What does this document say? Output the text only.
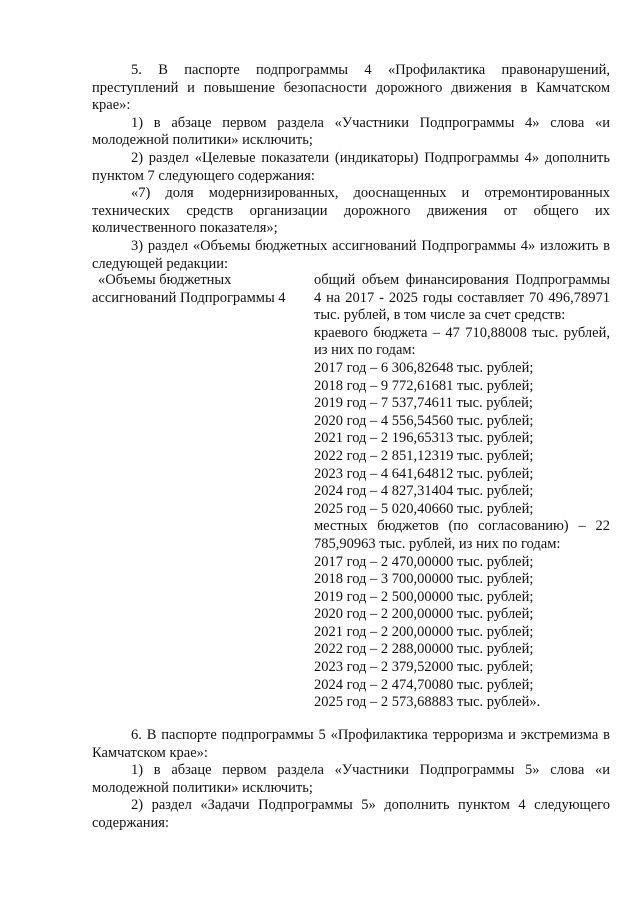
5. В паспорте подпрограммы 4 «Профилактика правонарушений, преступлений и повышение безопасности дорожного движения в Камчатском крае»:

1) в абзаце первом раздела «Участники Подпрограммы 4» слова «и молодежной политики» исключить;

2) раздел «Целевые показатели (индикаторы) Подпрограммы 4» дополнить пунктом 7 следующего содержания:

«7) доля модернизированных, дооснащенных и отремонтированных технических средств организации дорожного движения от общего их количественного показателя»;

3) раздел «Объемы бюджетных ассигнований Подпрограммы 4» изложить в следующей редакции:

«Объемы бюджетных
ассигнований Подпрограммы 4

общий объем финансирования Подпрограммы 4 на 2017 - 2025 годы составляет 70 496,78971 тыс. рублей, в том числе за счет средств:

краевого бюджета – 47 710,88008 тыс. рублей, из них по годам:

2017 год – 6 306,82648 тыс. рублей;

2018 год – 9 772,61681 тыс. рублей;

2019 год – 7 537,74611 тыс. рублей;

2020 год – 4 556,54560 тыс. рублей;

2021 год – 2 196,65313 тыс. рублей;

2022 год – 2 851,12319 тыс. рублей;

2023 год – 4 641,64812 тыс. рублей;

2024 год – 4 827,31404 тыс. рублей;

2025 год – 5 020,40660 тыс. рублей;

местных бюджетов (по согласованию) – 22 785,90963 тыс. рублей, из них по годам:

2017 год – 2 470,00000 тыс. рублей;

2018 год – 3 700,00000 тыс. рублей;

2019 год – 2 500,00000 тыс. рублей;

2020 год – 2 200,00000 тыс. рублей;

2021 год – 2 200,00000 тыс. рублей;

2022 год – 2 288,00000 тыс. рублей;

2023 год – 2 379,52000 тыс. рублей;

2024 год – 2 474,70080 тыс. рублей;

2025 год – 2 573,68883 тыс. рублей».

6. В паспорте подпрограммы 5 «Профилактика терроризма и экстремизма в Камчатском крае»:

1) в абзаце первом раздела «Участники Подпрограммы 5» слова «и молодежной политики» исключить;

2) раздел «Задачи Подпрограммы 5» дополнить пунктом 4 следующего содержания:
